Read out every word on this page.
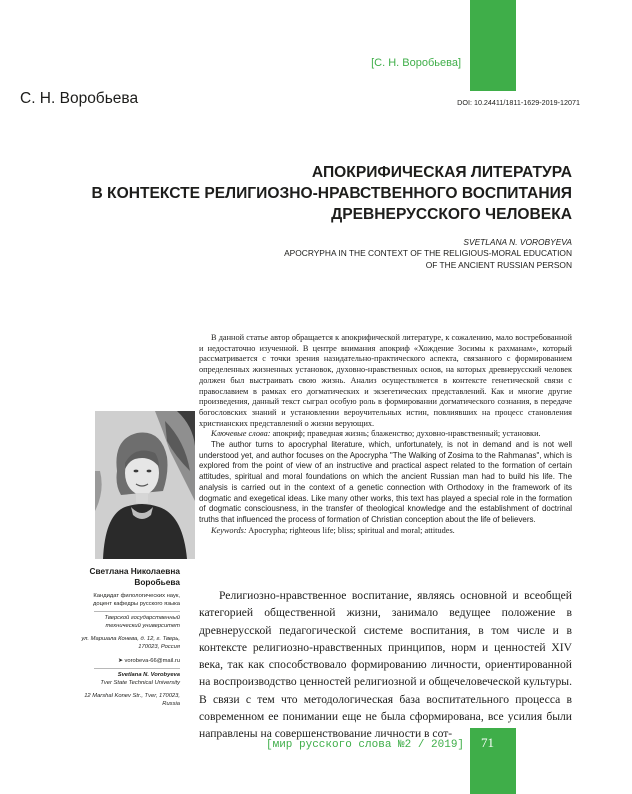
[С. Н. Воробьева]
С. Н. Воробьева	DOI: 10.24411/1811-1629-2019-12071
АПОКРИФИЧЕСКАЯ ЛИТЕРАТУРА
В КОНТЕКСТЕ РЕЛИГИОЗНО-НРАВСТВЕННОГО ВОСПИТАНИЯ
ДРЕВНЕРУССКОГО ЧЕЛОВЕКА
SVETLANA N. VOROBYEVA
APOCRYPHA IN THE CONTEXT OF THE RELIGIOUS-MORAL EDUCATION
OF THE ANCIENT RUSSIAN PERSON

В данной статье автор обращается к апокрифической литературе, к сожалению, мало востребованной и недостаточно изученной. В центре внимания апокриф «Хождение Зосимы к рахманам», который рассматривается с точки зрения назидательно-практического аспекта, связанного с формированием определенных жизненных установок, духовно-нравственных основ, на которых древнерусский человек должен был выстраивать свою жизнь. Анализ осуществляется в контексте генетической связи с православием в рамках его догматических и экзегетических представлений. Как и многие другие произведения, данный текст сыграл особую роль в формировании догматического сознания, в передаче богословских знаний и установлении вероучительных истин, повлиявших на процесс становления христианских представлений о жизни верующих.

Ключевые слова: апокриф; праведная жизнь; блаженство; духовно-нравственный; установки.

The author turns to apocryphal literature, which, unfortunately, is not in demand and is not well understood yet, and author focuses on the Apocrypha "The Walking of Zosima to the Rahmanas", which is explored from the point of view of an instructive and practical aspect related to the formation of certain attitudes, spiritual and moral foundations on which the ancient Russian man had to build his life. The analysis is carried out in the context of a genetic connection with Orthodoxy in the framework of its dogmatic and exegetical ideas. Like many other works, this text has played a special role in the formation of dogmatic consciousness, in the transfer of theological knowledge and the establishment of doctrinal truths that influenced the process of formation of Christian conception about the life of believers.

Keywords: Apocrypha; righteous life; bliss; spiritual and moral; attitudes.

Светлана Николаевна
Воробьева
Кандидат филологических наук, доцент кафедры русского языка
Тверской государственный технический университет
ул. Маршала Конева, д. 12, г. Тверь, 170023, Россия
➤ vorobeva-66@mail.ru
Svetlana N. Vorobyeva
Tver State Technical University
12 Marshal Konev Str., Tver, 170023, Russia

Религиозно-нравственное воспитание, являясь основной и всеобщей категорией общественной жизни, занимало ведущее положение в древнерусской педагогической системе воспитания, в том числе и в контексте религиозно-нравственных принципов, норм и ценностей XIV века, так как способствовало формированию личности, ориентированной на воспроизводство ценностей религиозной и общечеловеческой культуры. В связи с тем что методологическая база воспитательного процесса в современном ее понимании еще не была сформирована, все усилия были направлены на совершенствование личности в сот-

[мир русского слова №2 / 2019] 71
